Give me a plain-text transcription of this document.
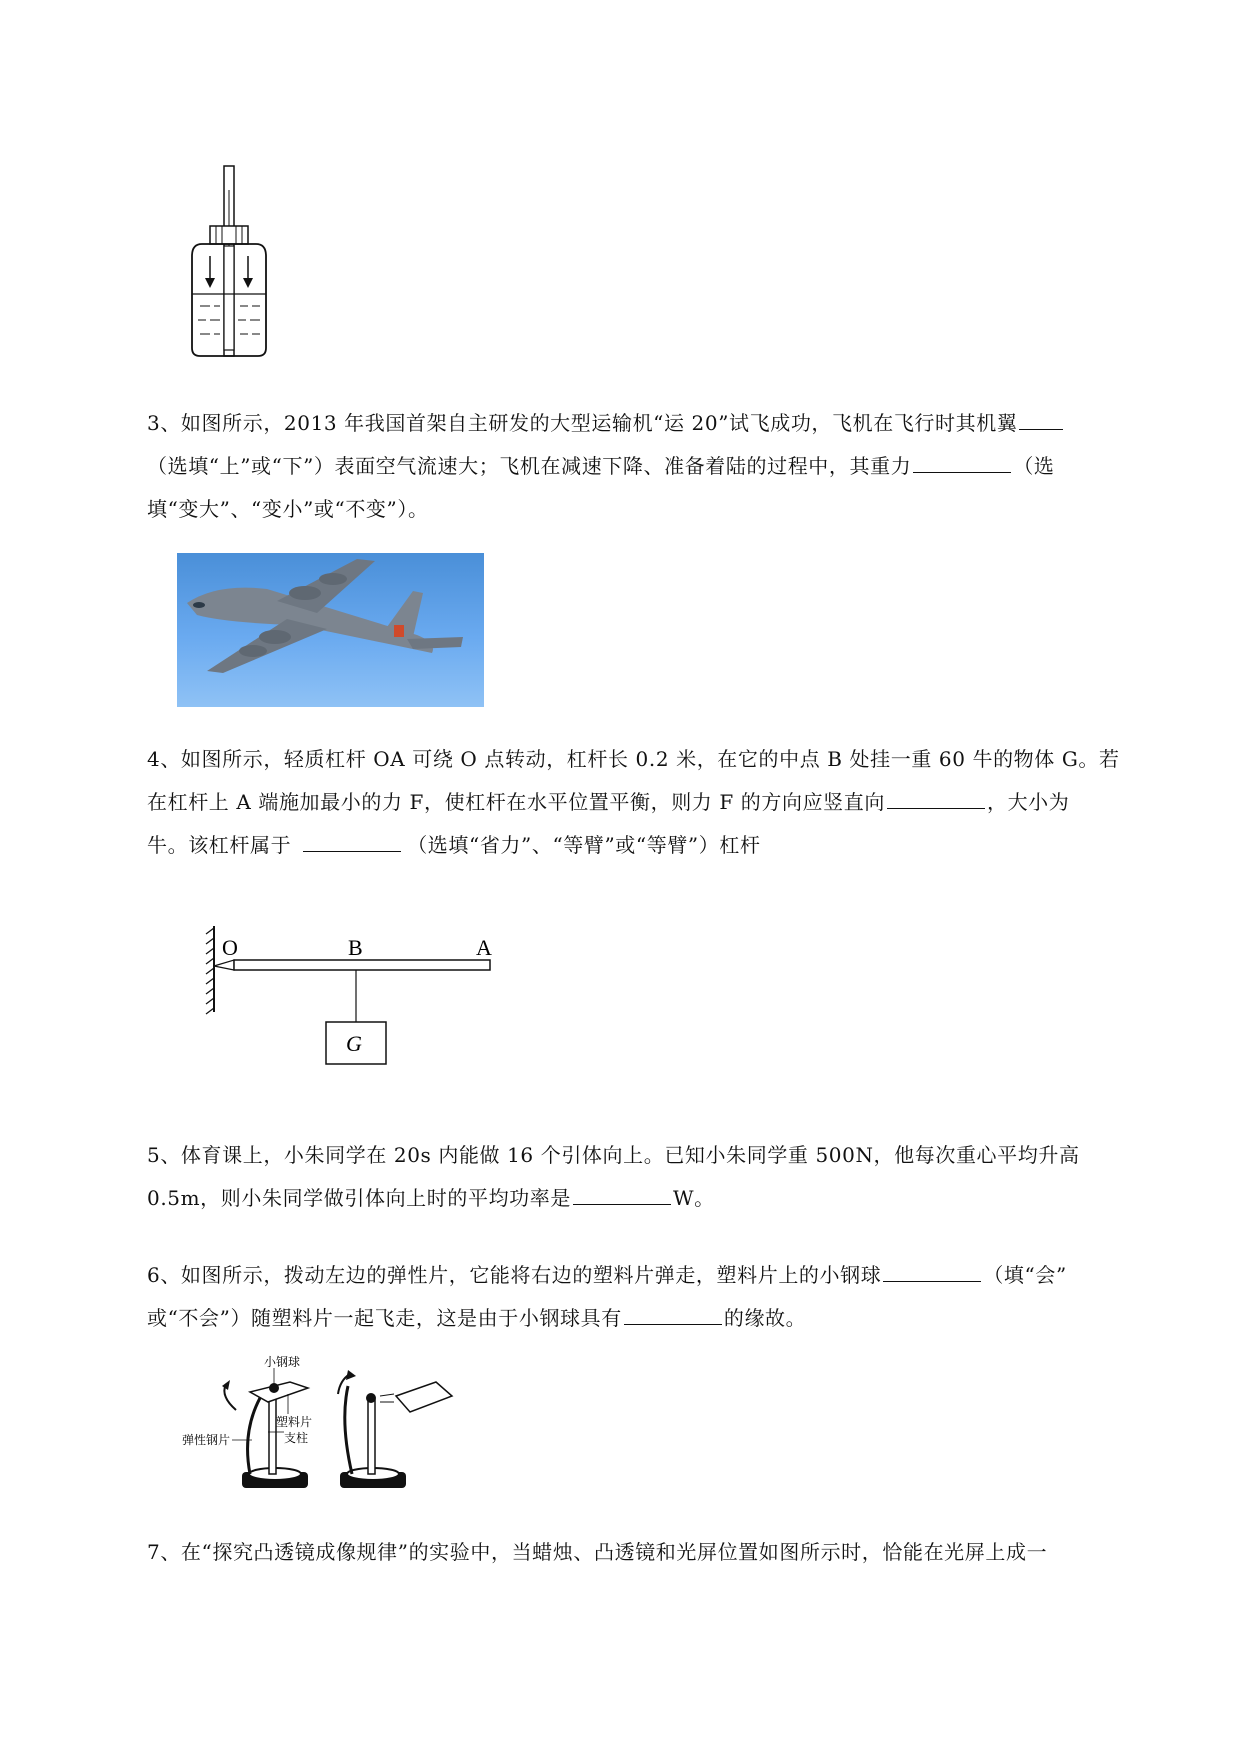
3、如图所示，2013 年我国首架自主研发的大型运输机“运 20”试飞成功，飞机在飞行时其机翼
（选填“上”或“下”）表面空气流速大；飞机在减速下降、准备着陆的过程中，其重力	（选
填“变大”、“变小”或“不变”）。
4、如图所示，轻质杠杆 OA 可绕 O 点转动，杠杆长 0.2 米，在它的中点 B 处挂一重 60 牛的物体 G。若
在杠杆上 A 端施加最小的力 F，使杠杆在水平位置平衡，则力 F 的方向应竖直向	，大小为
牛。该杠杆属于	（选填“省力”、“等臂”或“等臂”）杠杆
O	B	A
G
5、体育课上，小朱同学在 20s 内能做 16 个引体向上。已知小朱同学重 500N，他每次重心平均升高
0.5m，则小朱同学做引体向上时的平均功率是	W。
6、如图所示，拨动左边的弹性片，它能将右边的塑料片弹走，塑料片上的小钢球	（填“会”
或“不会”）随塑料片一起飞走，这是由于小钢球具有	的缘故。
小钢球
塑料片
支柱
弹性钢片
7、在“探究凸透镜成像规律”的实验中，当蜡烛、凸透镜和光屏位置如图所示时，恰能在光屏上成一
